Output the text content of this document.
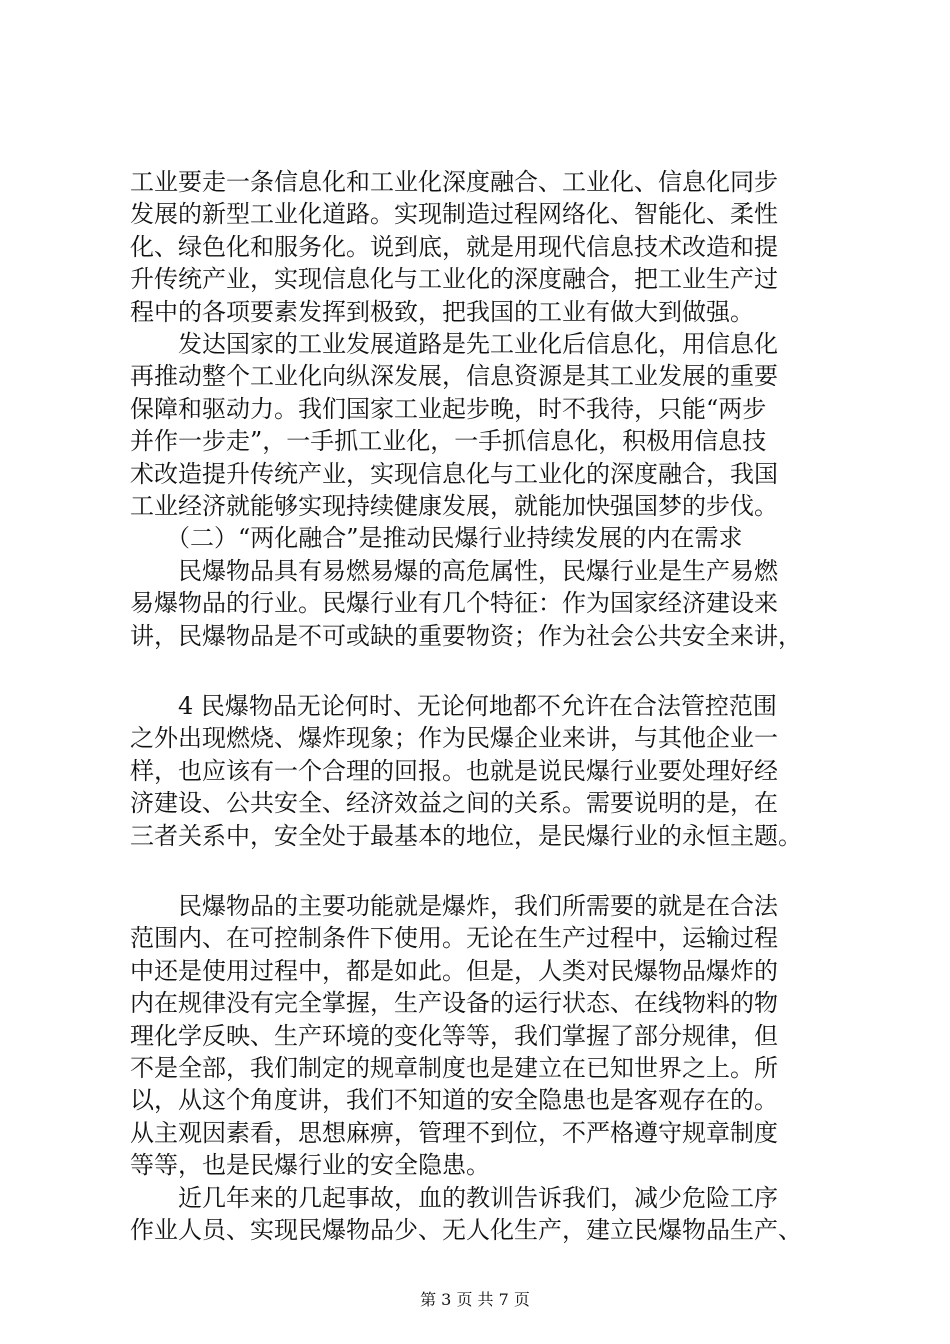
工业要走一条信息化和工业化深度融合、工业化、信息化同步
发展的新型工业化道路。实现制造过程网络化、智能化、柔性
化、绿色化和服务化。说到底，就是用现代信息技术改造和提
升传统产业，实现信息化与工业化的深度融合，把工业生产过
程中的各项要素发挥到极致，把我国的工业有做大到做强。
　　发达国家的工业发展道路是先工业化后信息化，用信息化
再推动整个工业化向纵深发展，信息资源是其工业发展的重要
保障和驱动力。我们国家工业起步晚，时不我待，只能“两步
并作一步走”，一手抓工业化，一手抓信息化，积极用信息技
术改造提升传统产业，实现信息化与工业化的深度融合，我国
工业经济就能够实现持续健康发展，就能加快强国梦的步伐。
　　（二）“两化融合”是推动民爆行业持续发展的内在需求
　　民爆物品具有易燃易爆的高危属性，民爆行业是生产易燃
易爆物品的行业。民爆行业有几个特征：作为国家经济建设来
讲，民爆物品是不可或缺的重要物资；作为社会公共安全来讲，
　　4 民爆物品无论何时、无论何地都不允许在合法管控范围
之外出现燃烧、爆炸现象；作为民爆企业来讲，与其他企业一
样，也应该有一个合理的回报。也就是说民爆行业要处理好经
济建设、公共安全、经济效益之间的关系。需要说明的是，在
三者关系中，安全处于最基本的地位，是民爆行业的永恒主题。
　　民爆物品的主要功能就是爆炸，我们所需要的就是在合法
范围内、在可控制条件下使用。无论在生产过程中，运输过程
中还是使用过程中，都是如此。但是，人类对民爆物品爆炸的
内在规律没有完全掌握，生产设备的运行状态、在线物料的物
理化学反映、生产环境的变化等等，我们掌握了部分规律，但
不是全部，我们制定的规章制度也是建立在已知世界之上。所
以，从这个角度讲，我们不知道的安全隐患也是客观存在的。
从主观因素看，思想麻痹，管理不到位，不严格遵守规章制度
第 3 页 共 7 页
等等，也是民爆行业的安全隐患。
　　近几年来的几起事故，血的教训告诉我们，减少危险工序
作业人员、实现民爆物品少、无人化生产，建立民爆物品生产、
